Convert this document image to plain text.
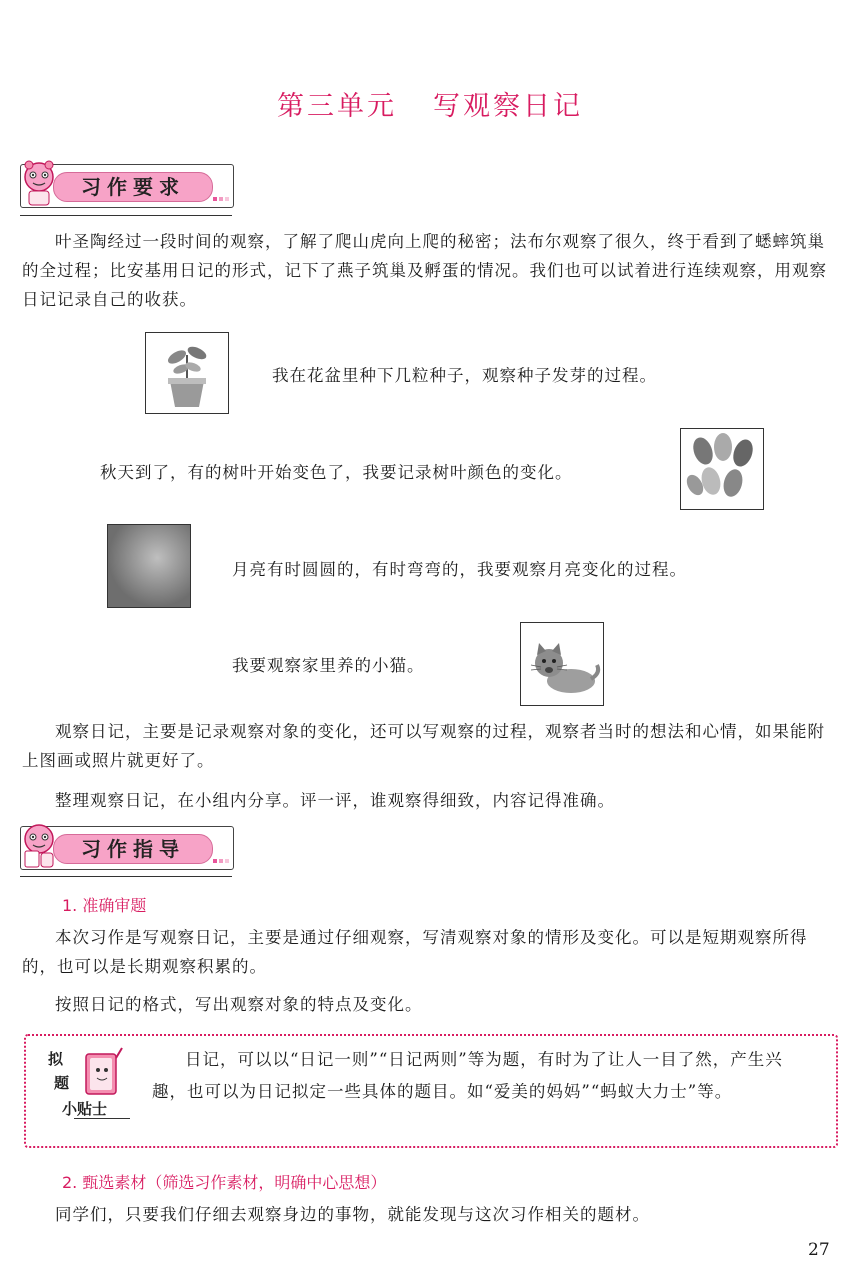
第三单元 写观察日记
习作要求

叶圣陶经过一段时间的观察，了解了爬山虎向上爬的秘密；法布尔观察了很久，终于看到了蟋蟀筑巢的全过程；比安基用日记的形式，记下了燕子筑巢及孵蛋的情况。我们也可以试着进行连续观察，用观察日记记录自己的收获。

我在花盆里种下几粒种子，观察种子发芽的过程。
秋天到了，有的树叶开始变色了，我要记录树叶颜色的变化。
月亮有时圆圆的，有时弯弯的，我要观察月亮变化的过程。
我要观察家里养的小猫。

观察日记，主要是记录观察对象的变化，还可以写观察的过程，观察者当时的想法和心情，如果能附上图画或照片就更好了。

整理观察日记，在小组内分享。评一评，谁观察得细致，内容记得准确。

习作指导
1. 准确审题

本次习作是写观察日记，主要是通过仔细观察，写清观察对象的情形及变化。可以是短期观察所得的，也可以是长期观察积累的。

按照日记的格式，写出观察对象的特点及变化。

拟
题
小贴士
日记，可以以“日记一则”“日记两则”等为题，有时为了让人一目了然，产生兴趣，也可以为日记拟定一些具体的题目。如“爱美的妈妈”“蚂蚁大力士”等。
2. 甄选素材（筛选习作素材，明确中心思想）

同学们，只要我们仔细去观察身边的事物，就能发现与这次习作相关的题材。

27
